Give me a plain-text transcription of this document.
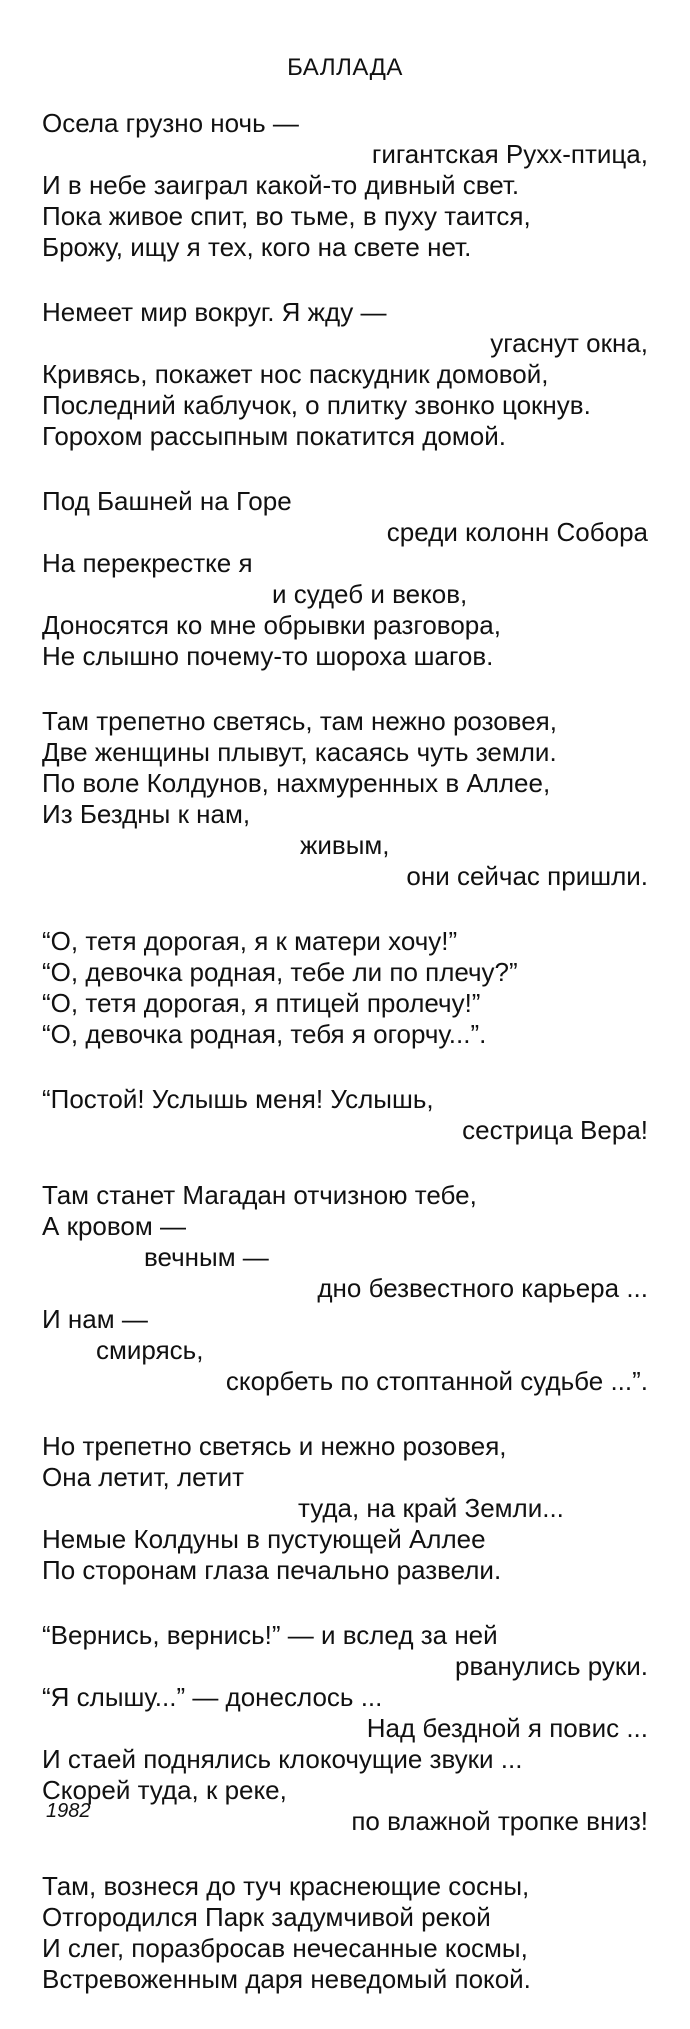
БАЛЛАДА
Осела грузно ночь —
гигантская Руxх-птица,
И в небе заиграл какой-то дивный свет.
Пока живое спит, во тьме, в пуху таится,
Брожу, ищу я тех, кого на свете нет.
Немеет мир вокруг. Я жду —
угаснут окна,
Кривясь, покажет нос паскудник домовой,
Последний каблучок, о плитку звонко цокнув.
Горохом рассыпным покатится домой.
Под Башней на Горе
среди колонн Собора
На перекрестке я
и судеб и веков,
Доносятся ко мне обрывки разговора,
Не слышно почему-то шороха шагов.
Там трепетно светясь, там нежно розовея,
Две женщины плывут, касаясь чуть земли.
По воле Колдунов, нахмуренных в Аллее,
Из Бездны к нам,
живым,
они сейчас пришли.
“О, тетя дорогая, я к матери хочу!”
“О, девочка родная, тебе ли по плечу?”
“О, тетя дорогая, я птицей пролечу!”
“О, девочка родная, тебя я огорчу...”.
“Постой! Услышь меня! Услышь,
сестрица Вера!
Там станет Магадан отчизною тебе,
А кровом —
вечным —
дно безвестного карьера ...
И нам —
смирясь,
скорбеть по стоптанной судьбе ...”.
Но трепетно светясь и нежно розовея,
Она летит, летит
туда, на край Земли...
Немые Колдуны в пустующей Аллее
По сторонам глаза печально развели.
“Вернись, вернись!” — и вслед за ней
рванулись руки.
“Я слышу...” — донеслось ...
Над бездной я повис ...
И стаей поднялись клокочущие звуки ...
Скорей туда, к реке,
по влажной тропке вниз!
Там, вознеся до туч краснеющие сосны,
Отгородился Парк задумчивой рекой
И слег, поразбросав нечесанные космы,
Встревоженным даря неведомый покой.
1982
